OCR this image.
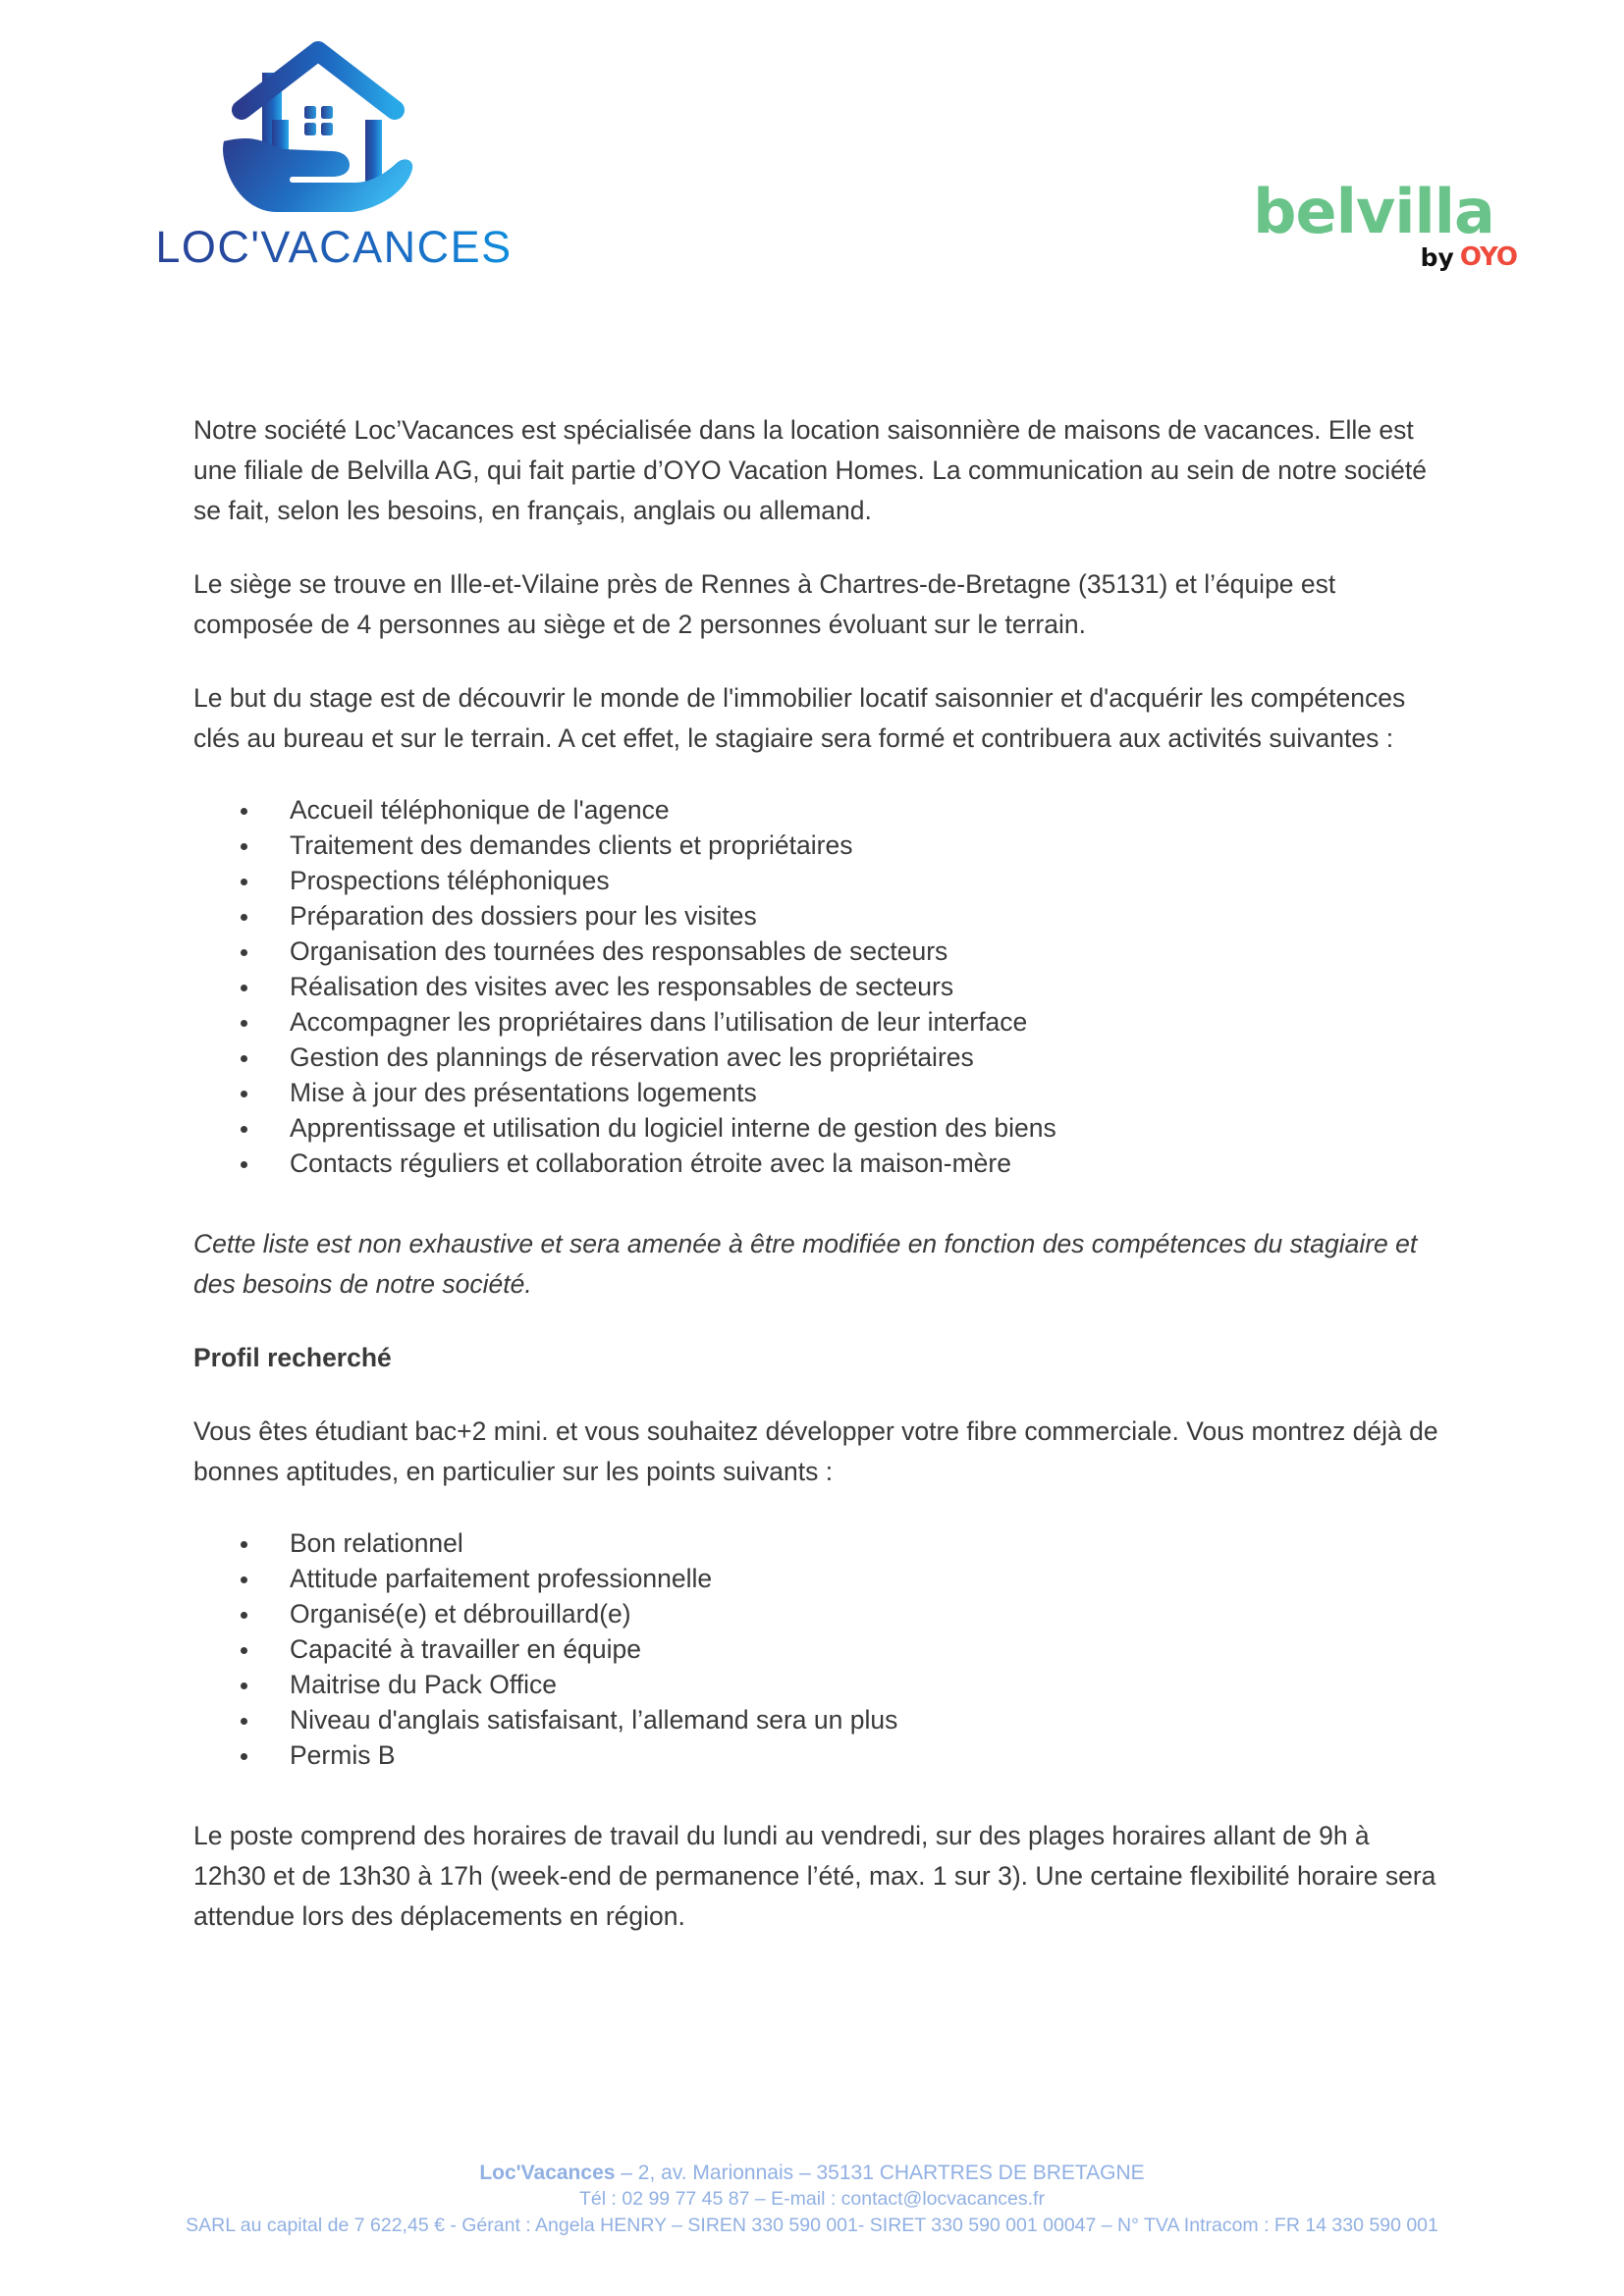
LOC'VACANCES	belvilla
by OYO

Notre société Loc’Vacances est spécialisée dans la location saisonnière de maisons de vacances. Elle est une filiale de Belvilla AG, qui fait partie d’OYO Vacation Homes. La communication au sein de notre société se fait, selon les besoins, en français, anglais ou allemand.

Le siège se trouve en Ille-et-Vilaine près de Rennes à Chartres-de-Bretagne (35131) et l’équipe est composée de 4 personnes au siège et de 2 personnes évoluant sur le terrain.

Le but du stage est de découvrir le monde de l'immobilier locatif saisonnier et d'acquérir les compétences clés au bureau et sur le terrain. A cet effet, le stagiaire sera formé et contribuera aux activités suivantes :

Accueil téléphonique de l'agence
Traitement des demandes clients et propriétaires
Prospections téléphoniques
Préparation des dossiers pour les visites
Organisation des tournées des responsables de secteurs
Réalisation des visites avec les responsables de secteurs
Accompagner les propriétaires dans l’utilisation de leur interface
Gestion des plannings de réservation avec les propriétaires
Mise à jour des présentations logements
Apprentissage et utilisation du logiciel interne de gestion des biens
Contacts réguliers et collaboration étroite avec la maison-mère

Cette liste est non exhaustive et sera amenée à être modifiée en fonction des compétences du stagiaire et des besoins de notre société.

Profil recherché

Vous êtes étudiant bac+2 mini. et vous souhaitez développer votre fibre commerciale. Vous montrez déjà de bonnes aptitudes, en particulier sur les points suivants :

Bon relationnel
Attitude parfaitement professionnelle
Organisé(e) et débrouillard(e)
Capacité à travailler en équipe
Maitrise du Pack Office
Niveau d'anglais satisfaisant, l’allemand sera un plus
Permis B

Le poste comprend des horaires de travail du lundi au vendredi, sur des plages horaires allant de 9h à 12h30 et de 13h30 à 17h (week-end de permanence l’été, max. 1 sur 3). Une certaine flexibilité horaire sera attendue lors des déplacements en région.

Loc'Vacances – 2, av. Marionnais – 35131 CHARTRES DE BRETAGNE
Tél : 02 99 77 45 87 – E-mail : contact@locvacances.fr
SARL au capital de 7 622,45 € - Gérant : Angela HENRY – SIREN 330 590 001- SIRET 330 590 001 00047 – N° TVA Intracom : FR 14 330 590 001
